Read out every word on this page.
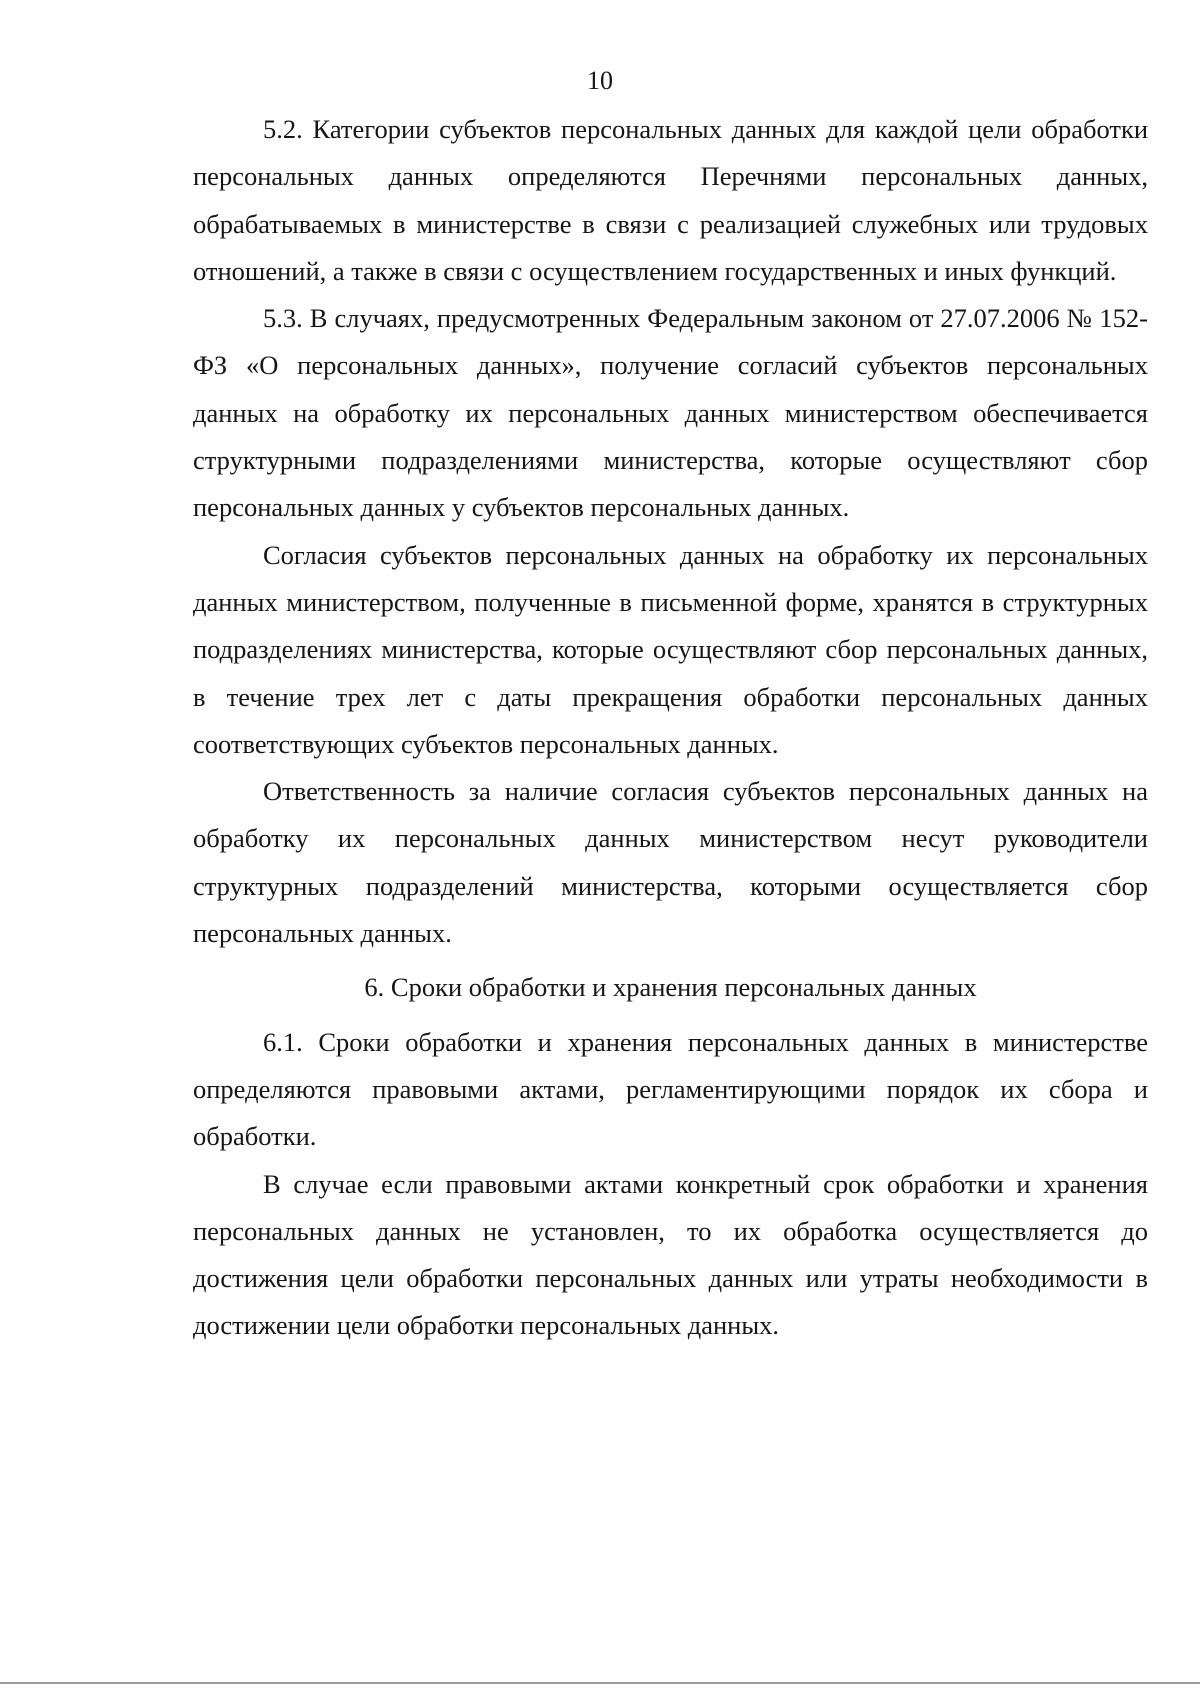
10

5.2. Категории субъектов персональных данных для каждой цели обработки персональных данных определяются Перечнями персональных данных, обрабатываемых в министерстве в связи с реализацией служебных или трудовых отношений, а также в связи с осуществлением государственных и иных функций.

5.3. В случаях, предусмотренных Федеральным законом от 27.07.2006 № 152-ФЗ «О персональных данных», получение согласий субъектов персональных данных на обработку их персональных данных министерством обеспечивается структурными подразделениями министерства, которые осуществляют сбор персональных данных у субъектов персональных данных.

Согласия субъектов персональных данных на обработку их персональных данных министерством, полученные в письменной форме, хранятся в структурных подразделениях министерства, которые осуществляют сбор персональных данных, в течение трех лет с даты прекращения обработки персональных данных соответствующих субъектов персональных данных.

Ответственность за наличие согласия субъектов персональных данных на обработку их персональных данных министерством несут руководители структурных подразделений министерства, которыми осуществляется сбор персональных данных.

6. Сроки обработки и хранения персональных данных

6.1. Сроки обработки и хранения персональных данных в министерстве определяются правовыми актами, регламентирующими порядок их сбора и обработки.

В случае если правовыми актами конкретный срок обработки и хранения персональных данных не установлен, то их обработка осуществляется до достижения цели обработки персональных данных или утраты необходимости в достижении цели обработки персональных данных.
